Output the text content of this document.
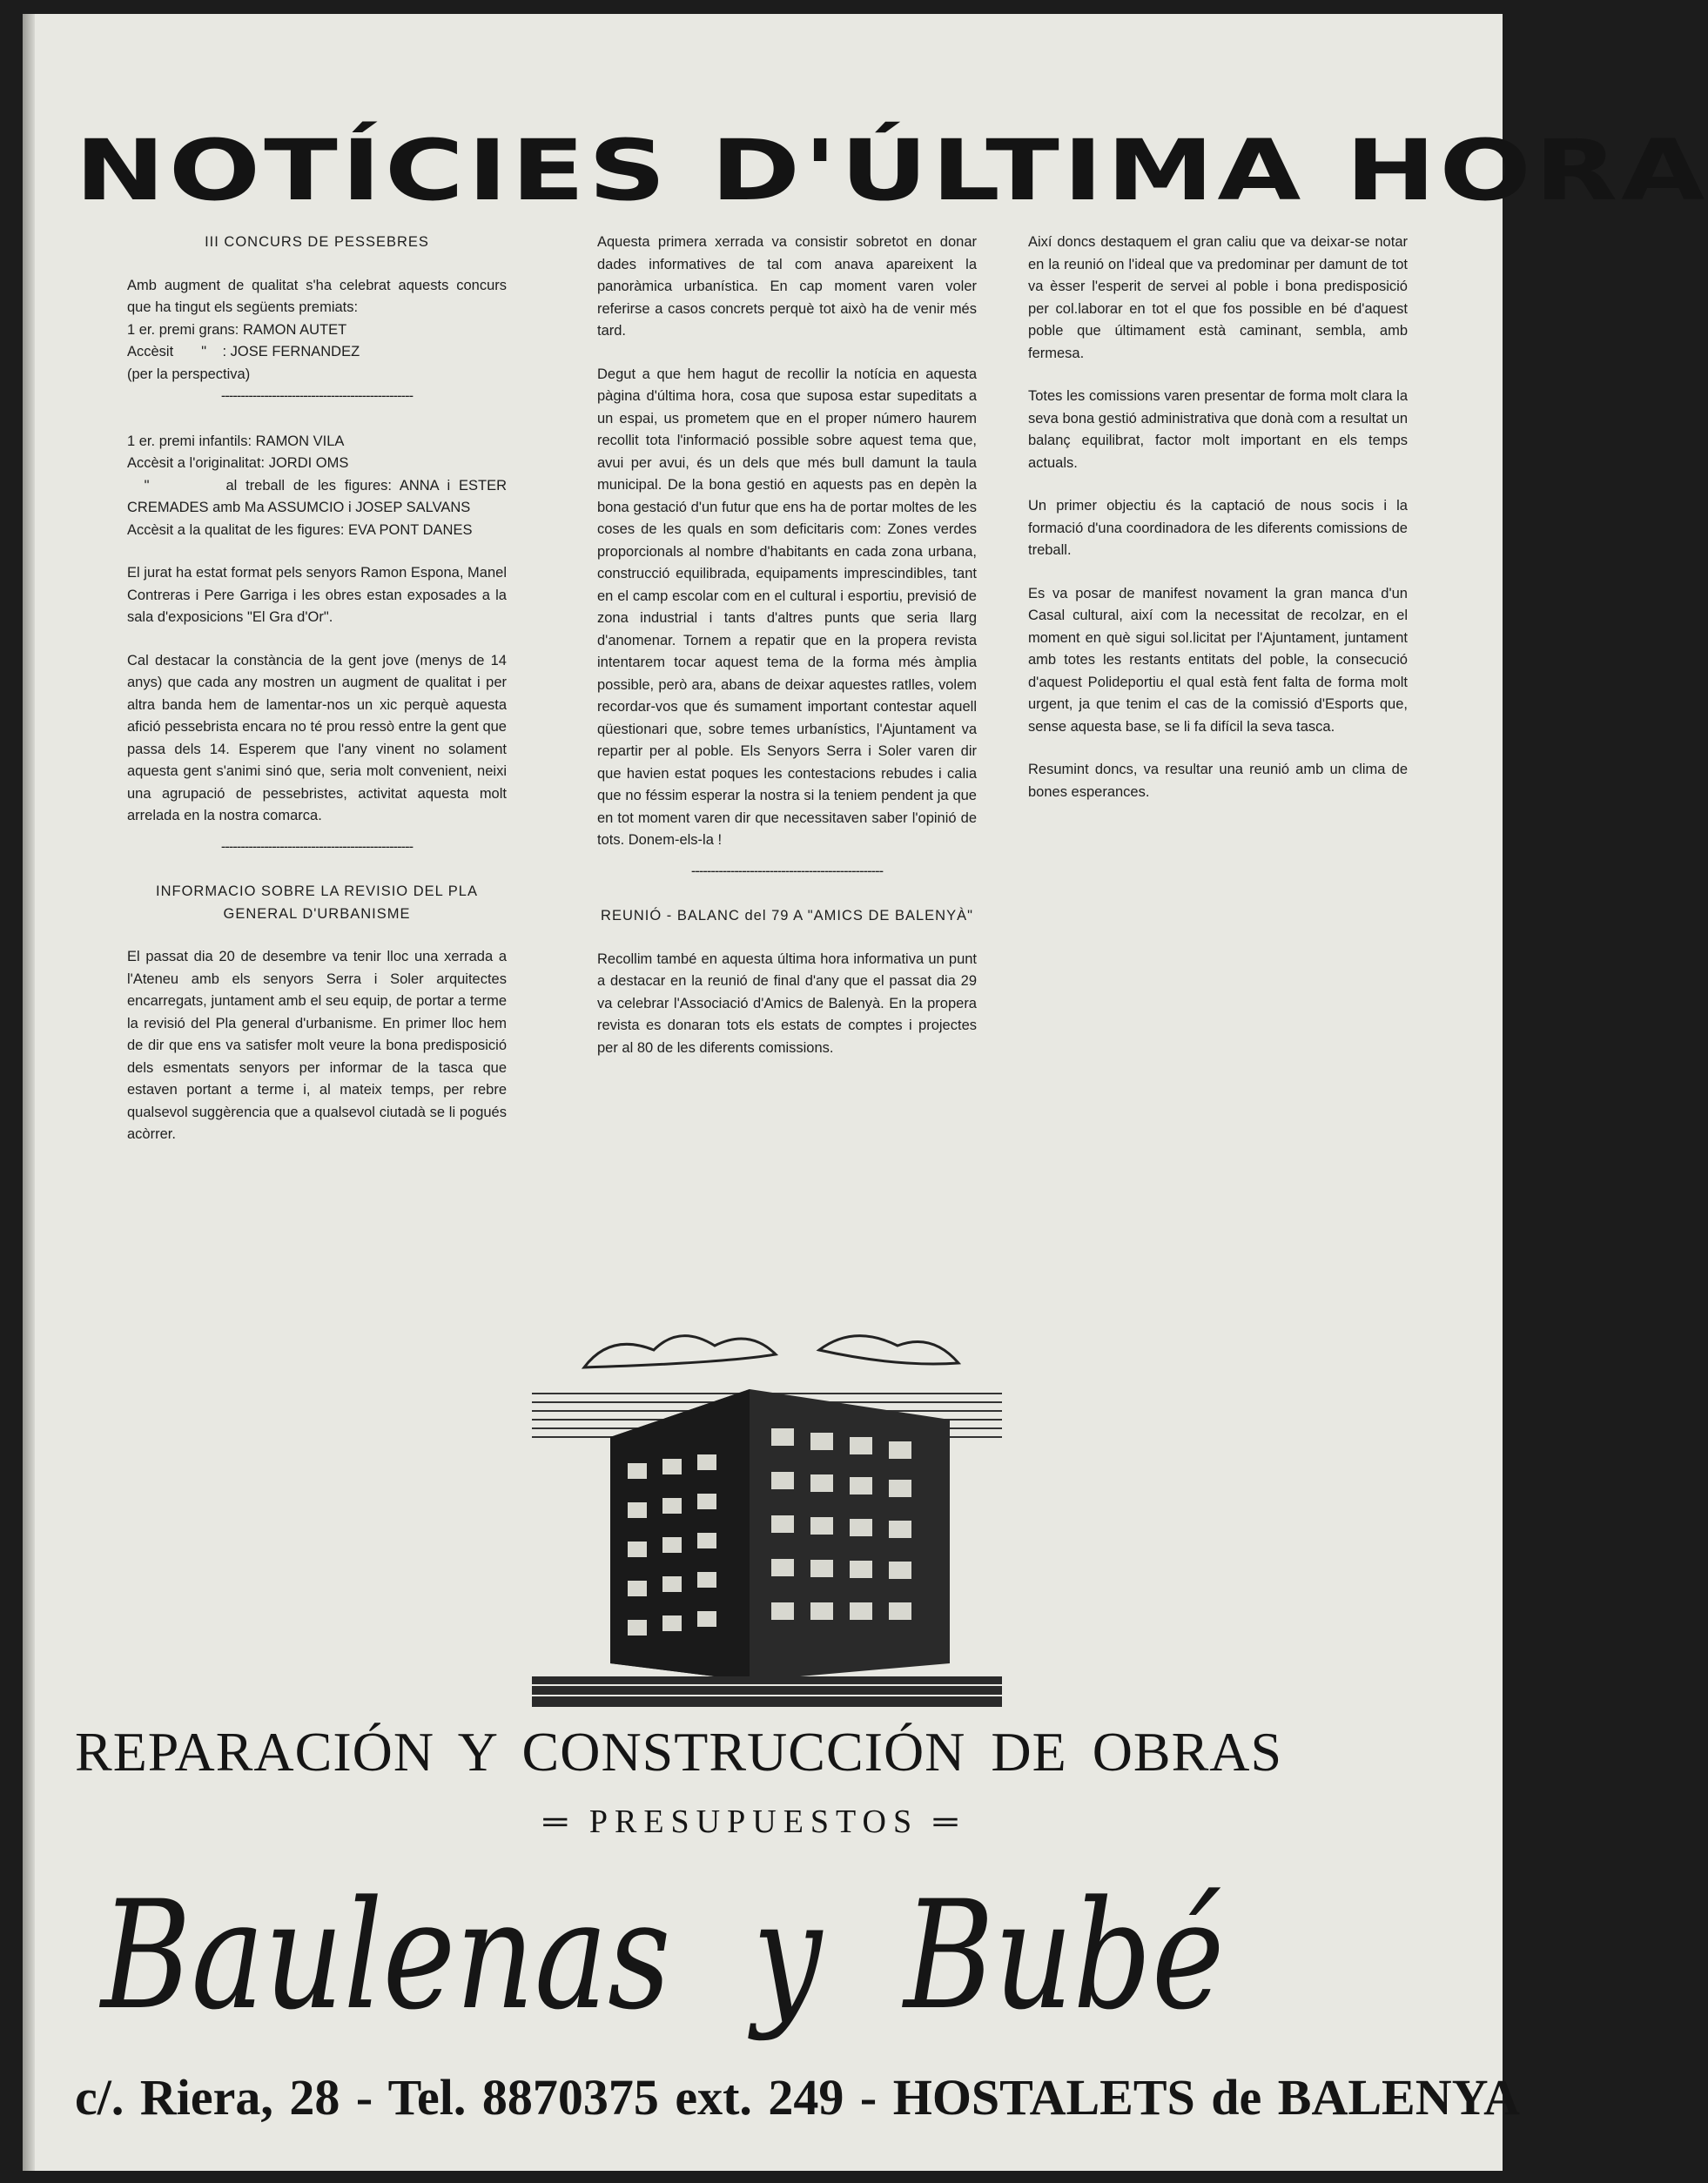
NOTÍCIES D'ÚLTIMA HORA
III CONCURS DE PESSEBRES

Amb augment de qualitat s'ha celebrat aquests concurs que ha tingut els següents premiats:

1 er. premi grans: RAMON AUTET

Accèsit       "    : JOSE FERNANDEZ

(per la perspectiva)

-------------------------------------------------

1 er. premi infantils: RAMON VILA

Accèsit a l'originalitat: JORDI OMS

"         al treball de les figures: ANNA i ESTER CREMADES amb Ma ASSUMCIO i JOSEP SALVANS

Accèsit a la qualitat de les figures: EVA PONT DANES

El jurat ha estat format pels senyors Ramon Espona, Manel Contreras i Pere Garriga i les obres estan exposades a la sala d'exposicions "El Gra d'Or".

Cal destacar la constància de la gent jove (menys de 14 anys) que cada any mostren un augment de qualitat i per altra banda hem de lamentar-nos un xic perquè aquesta afició pessebrista encara no té prou ressò entre la gent que passa dels 14. Esperem que l'any vinent no solament aquesta gent s'animi sinó que, seria molt convenient, neixi una agrupació de pessebristes, activitat aquesta molt arrelada en la nostra comarca.

-------------------------------------------------

INFORMACIO SOBRE LA REVISIO DEL PLA GENERAL D'URBANISME

El passat dia 20 de desembre va tenir lloc una xerrada a l'Ateneu amb els senyors Serra i Soler arquitectes encarregats, juntament amb el seu equip, de portar a terme la revisió del Pla general d'urbanisme. En primer lloc hem de dir que ens va satisfer molt veure la bona predisposició dels esmentats senyors per informar de la tasca que estaven portant a terme i, al mateix temps, per rebre qualsevol suggèrencia que a qualsevol ciutadà se li pogués acòrrer.

Aquesta primera xerrada va consistir sobretot en donar dades informatives de tal com anava apareixent la panoràmica urbanística. En cap moment varen voler referirse a casos concrets perquè tot això ha de venir més tard.

Degut a que hem hagut de recollir la notícia en aquesta pàgina d'última hora, cosa que suposa estar supeditats a un espai, us prometem que en el proper número haurem recollit tota l'informació possible sobre aquest tema que, avui per avui, és un dels que més bull damunt la taula municipal. De la bona gestió en aquests pas en depèn la bona gestació d'un futur que ens ha de portar moltes de les coses de les quals en som deficitaris com: Zones verdes proporcionals al nombre d'habitants en cada zona urbana, construcció equilibrada, equipaments imprescindibles, tant en el camp escolar com en el cultural i esportiu, previsió de zona industrial i tants d'altres punts que seria llarg d'anomenar. Tornem a repatir que en la propera revista intentarem tocar aquest tema de la forma més àmplia possible, però ara, abans de deixar aquestes ratlles, volem recordar-vos que és sumament important contestar aquell qüestionari que, sobre temes urbanístics, l'Ajuntament va repartir per al poble. Els Senyors Serra i Soler varen dir que havien estat poques les contestacions rebudes i calia que no féssim esperar la nostra si la teniem pendent ja que en tot moment varen dir que necessitaven saber l'opinió de tots. Donem-els-la !

-------------------------------------------------

REUNIÓ - BALANC del 79 A "AMICS DE BALENYÀ"

Recollim també en aquesta última hora informativa un punt a destacar en la reunió de final d'any que el passat dia 29 va celebrar l'Associació d'Amics de Balenyà. En la propera revista es donaran tots els estats de comptes i projectes per al 80 de les diferents comissions.

Així doncs destaquem el gran caliu que va deixar-se notar en la reunió on l'ideal que va predominar per damunt de tot va èsser l'esperit de servei al poble i bona predisposició per col.laborar en tot el que fos possible en bé d'aquest poble que últimament està caminant, sembla, amb fermesa.

Totes les comissions varen presentar de forma molt clara la seva bona gestió administrativa que donà com a resultat un balanç equilibrat, factor molt important en els temps actuals.

Un primer objectiu és la captació de nous socis i la formació d'una coordinadora de les diferents comissions de treball.

Es va posar de manifest novament la gran manca d'un Casal cultural, així com la necessitat de recolzar, en el moment en què sigui sol.licitat per l'Ajuntament, juntament amb totes les restants entitats del poble, la consecució d'aquest Polideportiu el qual està fent falta de forma molt urgent, ja que tenim el cas de la comissió d'Esports que, sense aquesta base, se li fa difícil la seva tasca.

Resumint doncs, va resultar una reunió amb un clima de bones esperances.

REPARACIÓN Y CONSTRUCCIÓN DE OBRAS
═ PRESUPUESTOS ═
Baulenas y Bubé
c/. Riera, 28 - Tel. 8870375 ext. 249 - HOSTALETS de BALENYA
